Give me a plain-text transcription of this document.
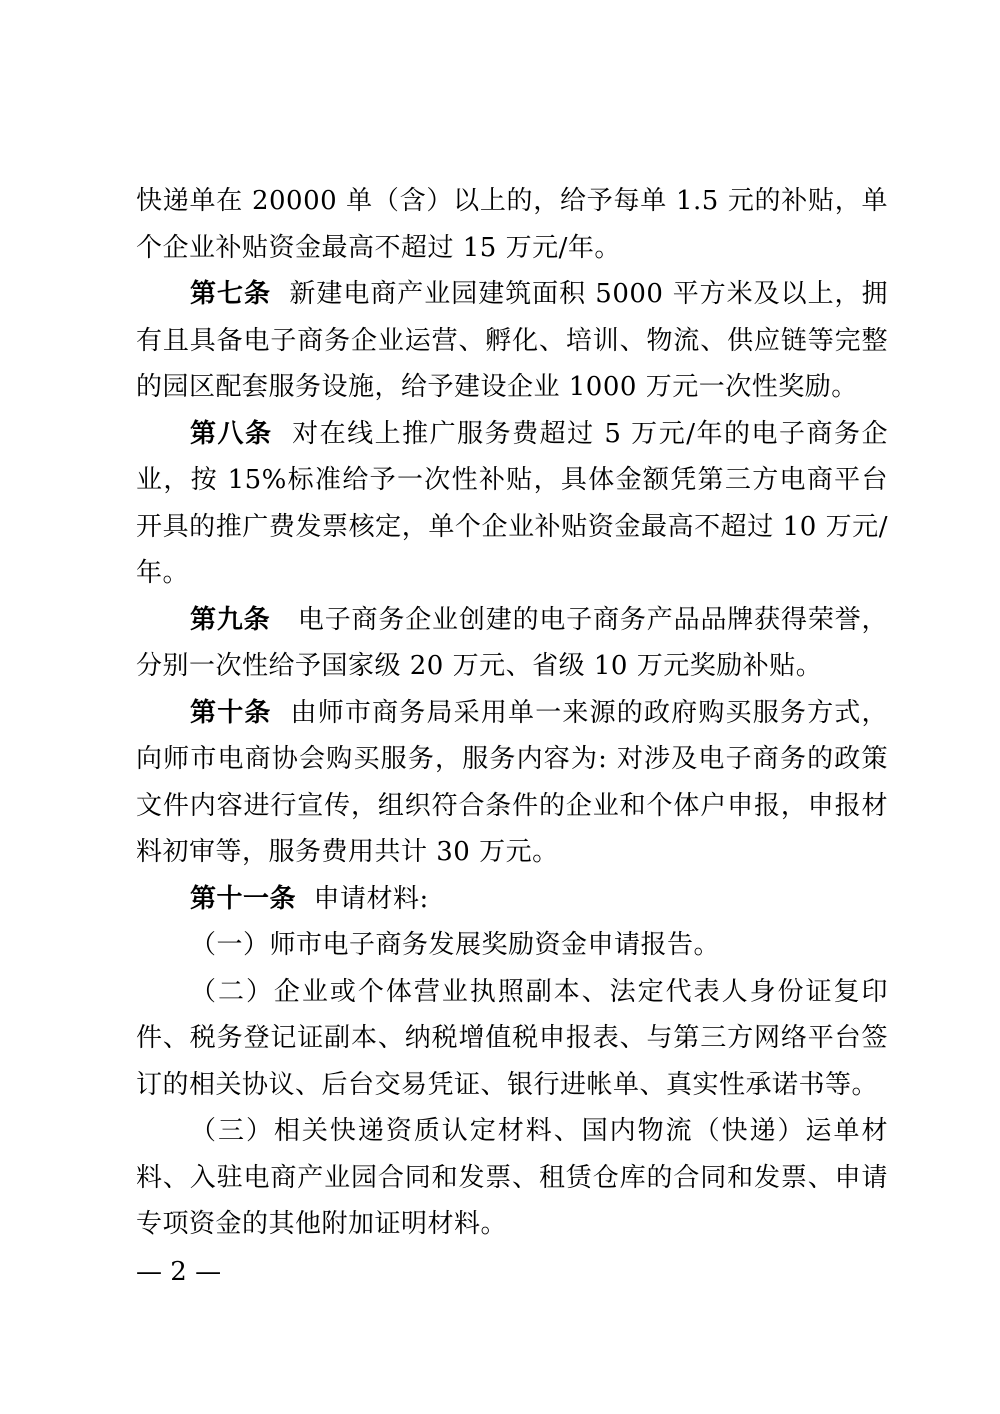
快递单在 20000 单（含）以上的，给予每单 1.5 元的补贴，单个企业补贴资金最高不超过 15 万元/年。

第七条 新建电商产业园建筑面积 5000 平方米及以上，拥有且具备电子商务企业运营、孵化、培训、物流、供应链等完整的园区配套服务设施，给予建设企业 1000 万元一次性奖励。

第八条 对在线上推广服务费超过 5 万元/年的电子商务企业，按 15%标准给予一次性补贴，具体金额凭第三方电商平台开具的推广费发票核定，单个企业补贴资金最高不超过 10 万元/年。

第九条 电子商务企业创建的电子商务产品品牌获得荣誉，分别一次性给予国家级 20 万元、省级 10 万元奖励补贴。

第十条 由师市商务局采用单一来源的政府购买服务方式，向师市电商协会购买服务，服务内容为: 对涉及电子商务的政策文件内容进行宣传，组织符合条件的企业和个体户申报，申报材料初审等，服务费用共计 30 万元。

第十一条 申请材料:

（一）师市电子商务发展奖励资金申请报告。

（二）企业或个体营业执照副本、法定代表人身份证复印件、税务登记证副本、纳税增值税申报表、与第三方网络平台签订的相关协议、后台交易凭证、银行进帐单、真实性承诺书等。

（三）相关快递资质认定材料、国内物流（快递）运单材料、入驻电商产业园合同和发票、租赁仓库的合同和发票、申请专项资金的其他附加证明材料。

— 2 —
